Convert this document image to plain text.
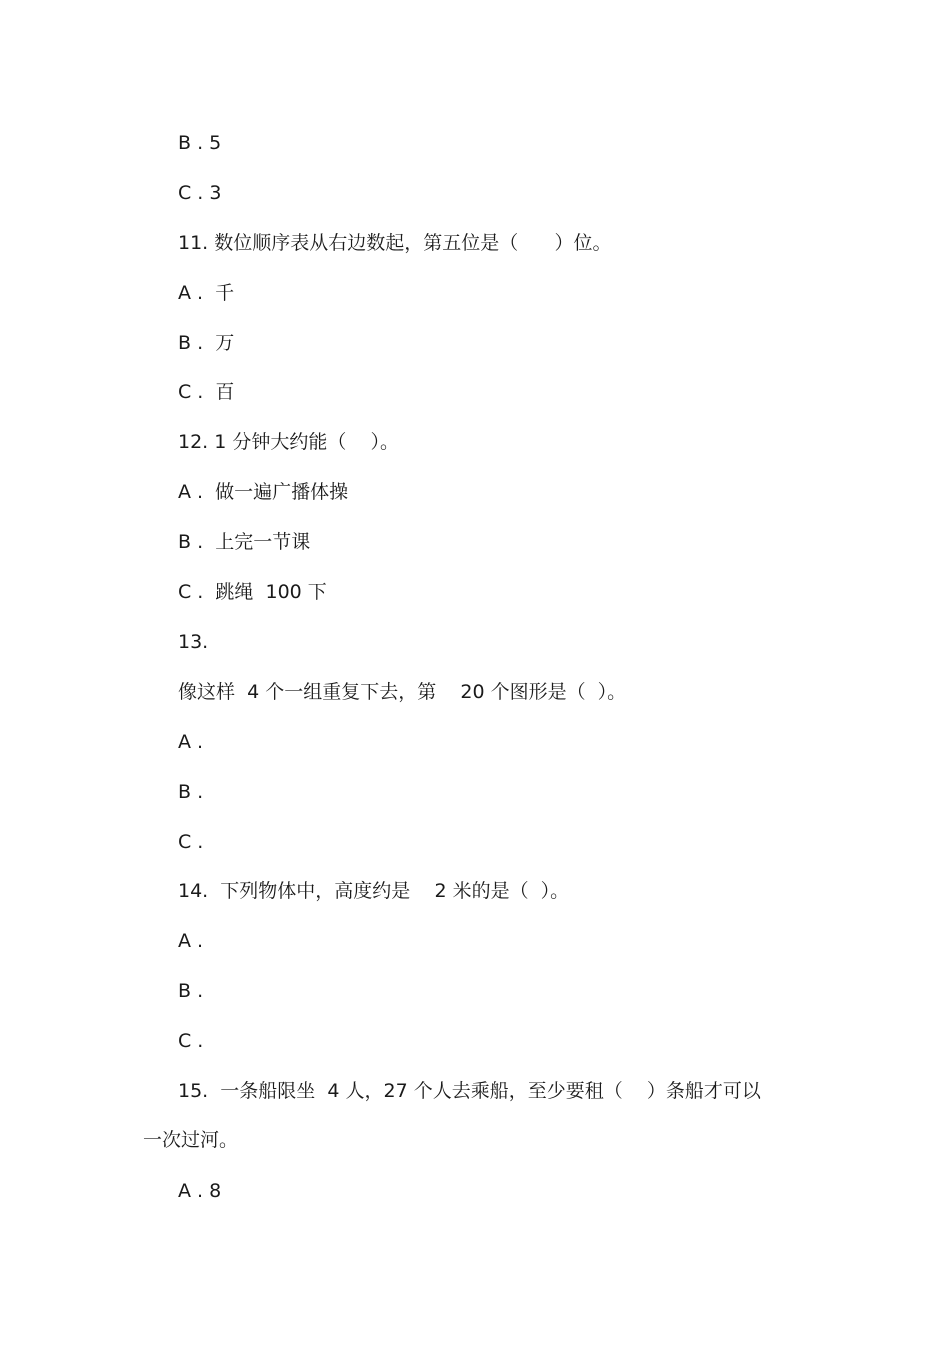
B . 5
C . 3
11. 数位顺序表从右边数起，第五位是（      ）位。
A .  千
B .  万
C .  百
12. 1 分钟大约能（    ）。
A .  做一遍广播体操
B .  上完一节课
C .  跳绳  100 下
13.
像这样  4 个一组重复下去，第    20 个图形是（  ）。
A .
B .
C .
14.  下列物体中，高度约是    2 米的是（  ）。
A .
B .
C .
15.  一条船限坐  4 人，27 个人去乘船，至少要租（    ）条船才可以
一次过河。
A . 8
